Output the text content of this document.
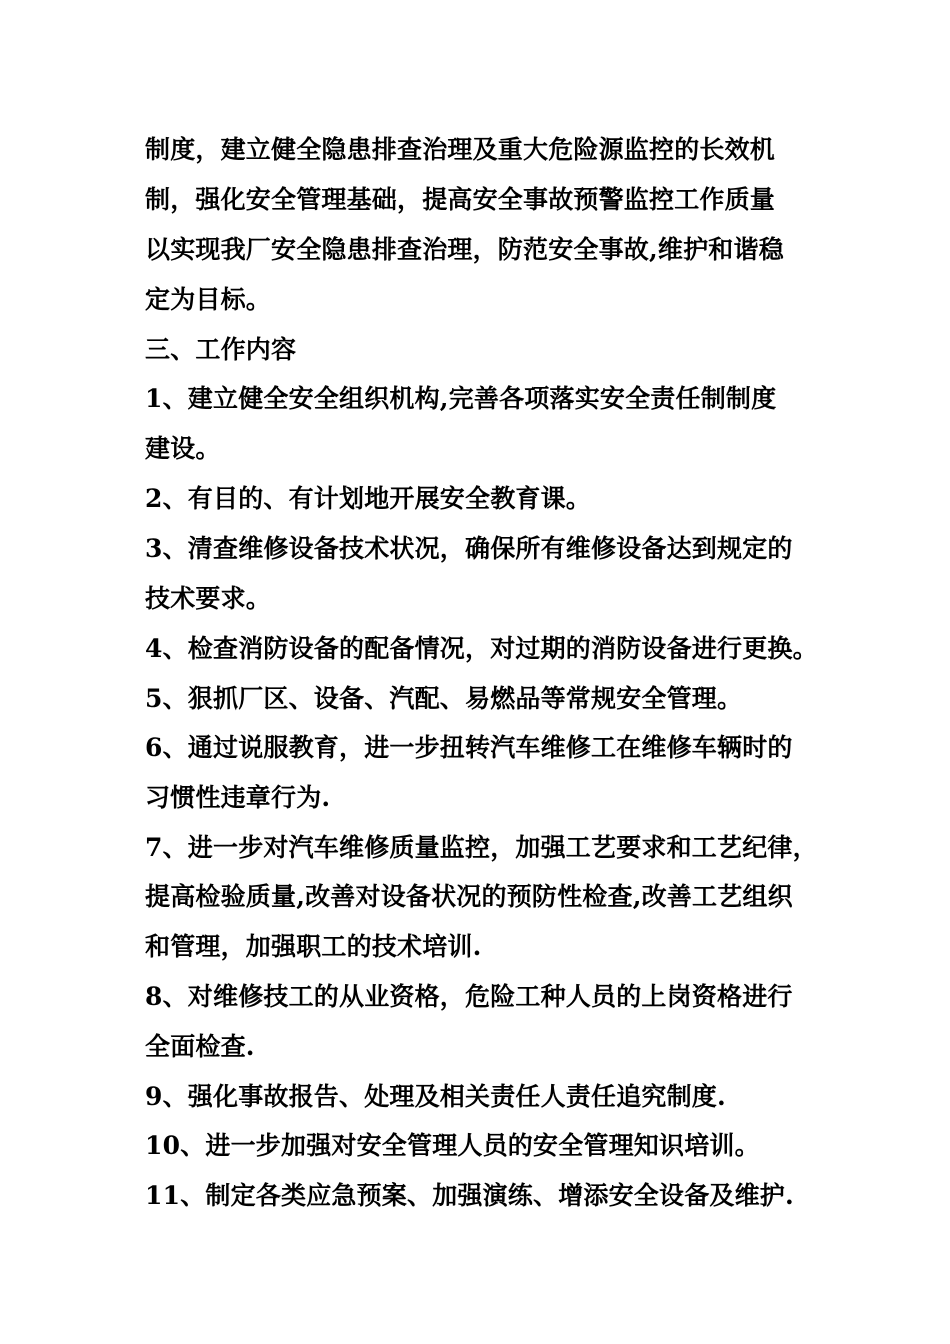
制度，建立健全隐患排查治理及重大危险源监控的长效机
制，强化安全管理基础，提高安全事故预警监控工作质量
以实现我厂安全隐患排查治理，防范安全事故,维护和谐稳
定为目标。
三、工作内容
1、建立健全安全组织机构,完善各项落实安全责任制制度
建设。
2、有目的、有计划地开展安全教育课。
3、清查维修设备技术状况，确保所有维修设备达到规定的
技术要求。
4、检查消防设备的配备情况，对过期的消防设备进行更换。
5、狠抓厂区、设备、汽配、易燃品等常规安全管理。
6、通过说服教育，进一步扭转汽车维修工在维修车辆时的
习惯性违章行为.
7、进一步对汽车维修质量监控，加强工艺要求和工艺纪律，
提高检验质量,改善对设备状况的预防性检查,改善工艺组织
和管理，加强职工的技术培训.
8、对维修技工的从业资格，危险工种人员的上岗资格进行
全面检查.
9、强化事故报告、处理及相关责任人责任追究制度.
10、进一步加强对安全管理人员的安全管理知识培训。
11、制定各类应急预案、加强演练、增添安全设备及维护.
